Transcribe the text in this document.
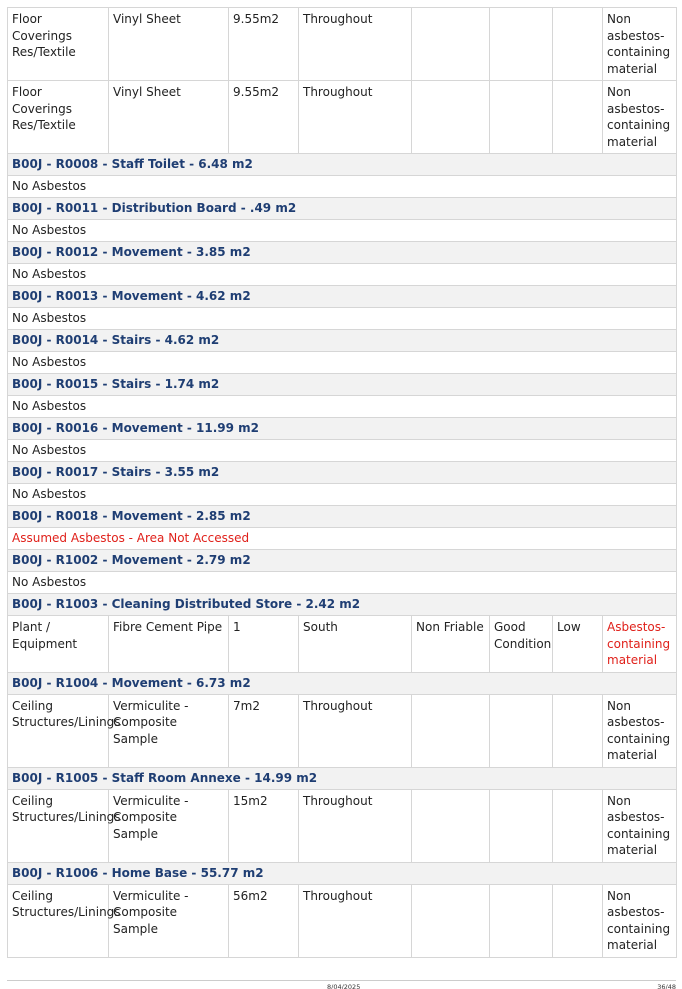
Floor Coverings Res/Textile	Vinyl Sheet	9.55m2	Throughout				Non asbestos-containing material
Floor Coverings Res/Textile	Vinyl Sheet	9.55m2	Throughout				Non asbestos-containing material
B00J - R0008 - Staff Toilet - 6.48 m2							
No Asbestos							
B00J - R0011 - Distribution Board - .49 m2							
No Asbestos							
B00J - R0012 - Movement - 3.85 m2							
No Asbestos							
B00J - R0013 - Movement - 4.62 m2							
No Asbestos							
B00J - R0014 - Stairs - 4.62 m2							
No Asbestos							
B00J - R0015 - Stairs - 1.74 m2							
No Asbestos							
B00J - R0016 - Movement - 11.99 m2							
No Asbestos							
B00J - R0017 - Stairs - 3.55 m2							
No Asbestos							
B00J - R0018 - Movement - 2.85 m2							
Assumed Asbestos - Area Not Accessed							
B00J - R1002 - Movement - 2.79 m2							
No Asbestos							
B00J - R1003 - Cleaning Distributed Store - 2.42 m2							
Plant / Equipment	Fibre Cement Pipe	1	South	Non Friable	Good Condition	Low	Asbestos-containing material
B00J - R1004 - Movement - 6.73 m2							
Ceiling Structures/Linings	Vermiculite - Composite Sample	7m2	Throughout				Non asbestos-containing material
B00J - R1005 - Staff Room Annexe - 14.99 m2							
Ceiling Structures/Linings	Vermiculite - Composite Sample	15m2	Throughout				Non asbestos-containing material
B00J - R1006 - Home Base - 55.77 m2							
Ceiling Structures/Linings	Vermiculite - Composite Sample	56m2	Throughout				Non asbestos-containing material
8/04/2025	36/48
